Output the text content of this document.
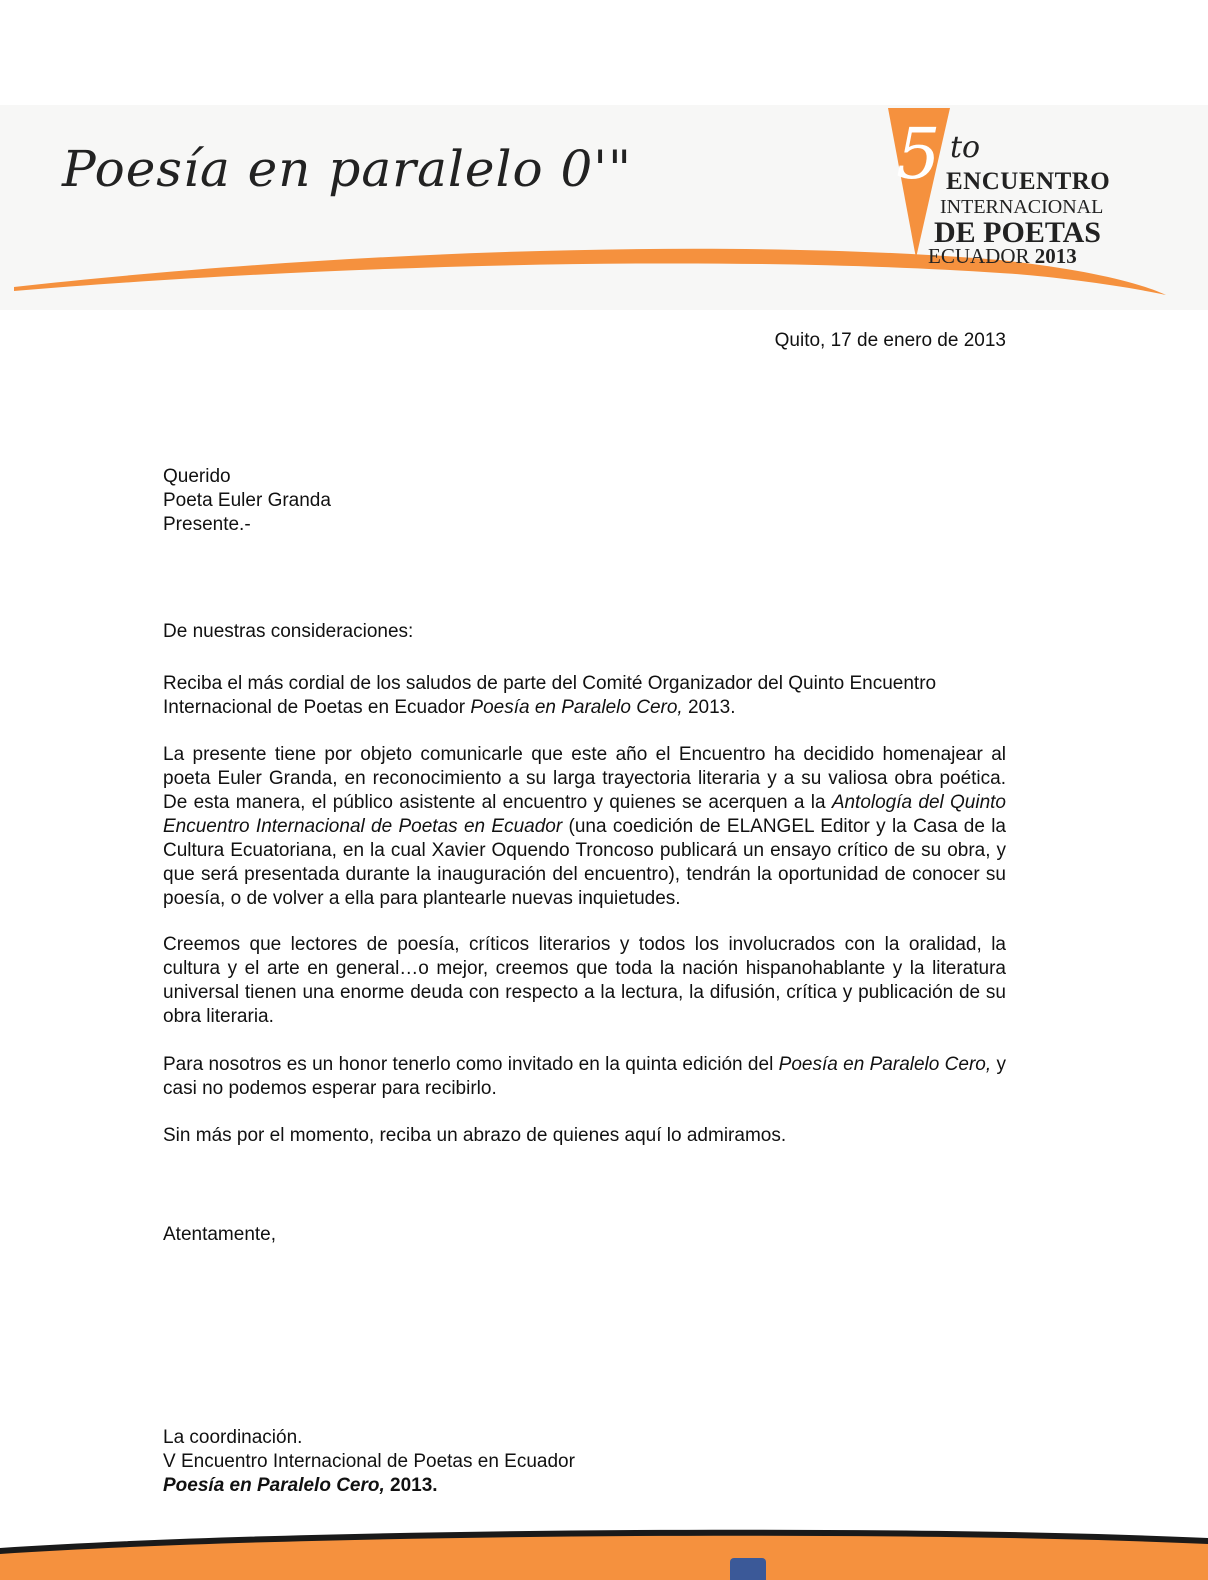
Poesía en paralelo 0'"	5 to
ENCUENTRO
INTERNACIONAL
DE POETAS
ECUADOR 2013
Quito, 17 de enero de 2013

Querido

Poeta Euler Granda

Presente.-

De nuestras consideraciones:

Reciba el más cordial de los saludos de parte del Comité Organizador del Quinto Encuentro Internacional de Poetas en Ecuador Poesía en Paralelo Cero, 2013.

La presente tiene por objeto comunicarle que este año el Encuentro ha decidido homenajear al poeta Euler Granda, en reconocimiento a su larga trayectoria literaria y a su valiosa obra poética. De esta manera, el público asistente al encuentro y quienes se acerquen a la Antología del Quinto Encuentro Internacional de Poetas en Ecuador (una coedición de ELANGEL Editor y la Casa de la Cultura Ecuatoriana, en la cual Xavier Oquendo Troncoso publicará un ensayo crítico de su obra, y que será presentada durante la inauguración del encuentro), tendrán la oportunidad de conocer su poesía, o de volver a ella para plantearle nuevas inquietudes.

Creemos que lectores de poesía, críticos literarios y todos los involucrados con la oralidad, la cultura y el arte en general…o mejor, creemos que toda la nación hispanohablante y la literatura universal tienen una enorme deuda con respecto a la lectura, la difusión, crítica y publicación de su obra literaria.

Para nosotros es un honor tenerlo como invitado en la quinta edición del Poesía en Paralelo Cero, y casi no podemos esperar para recibirlo.

Sin más por el momento, reciba un abrazo de quienes aquí lo admiramos.

Atentamente,

La coordinación.

V Encuentro Internacional de Poetas en Ecuador

Poesía en Paralelo Cero, 2013.
